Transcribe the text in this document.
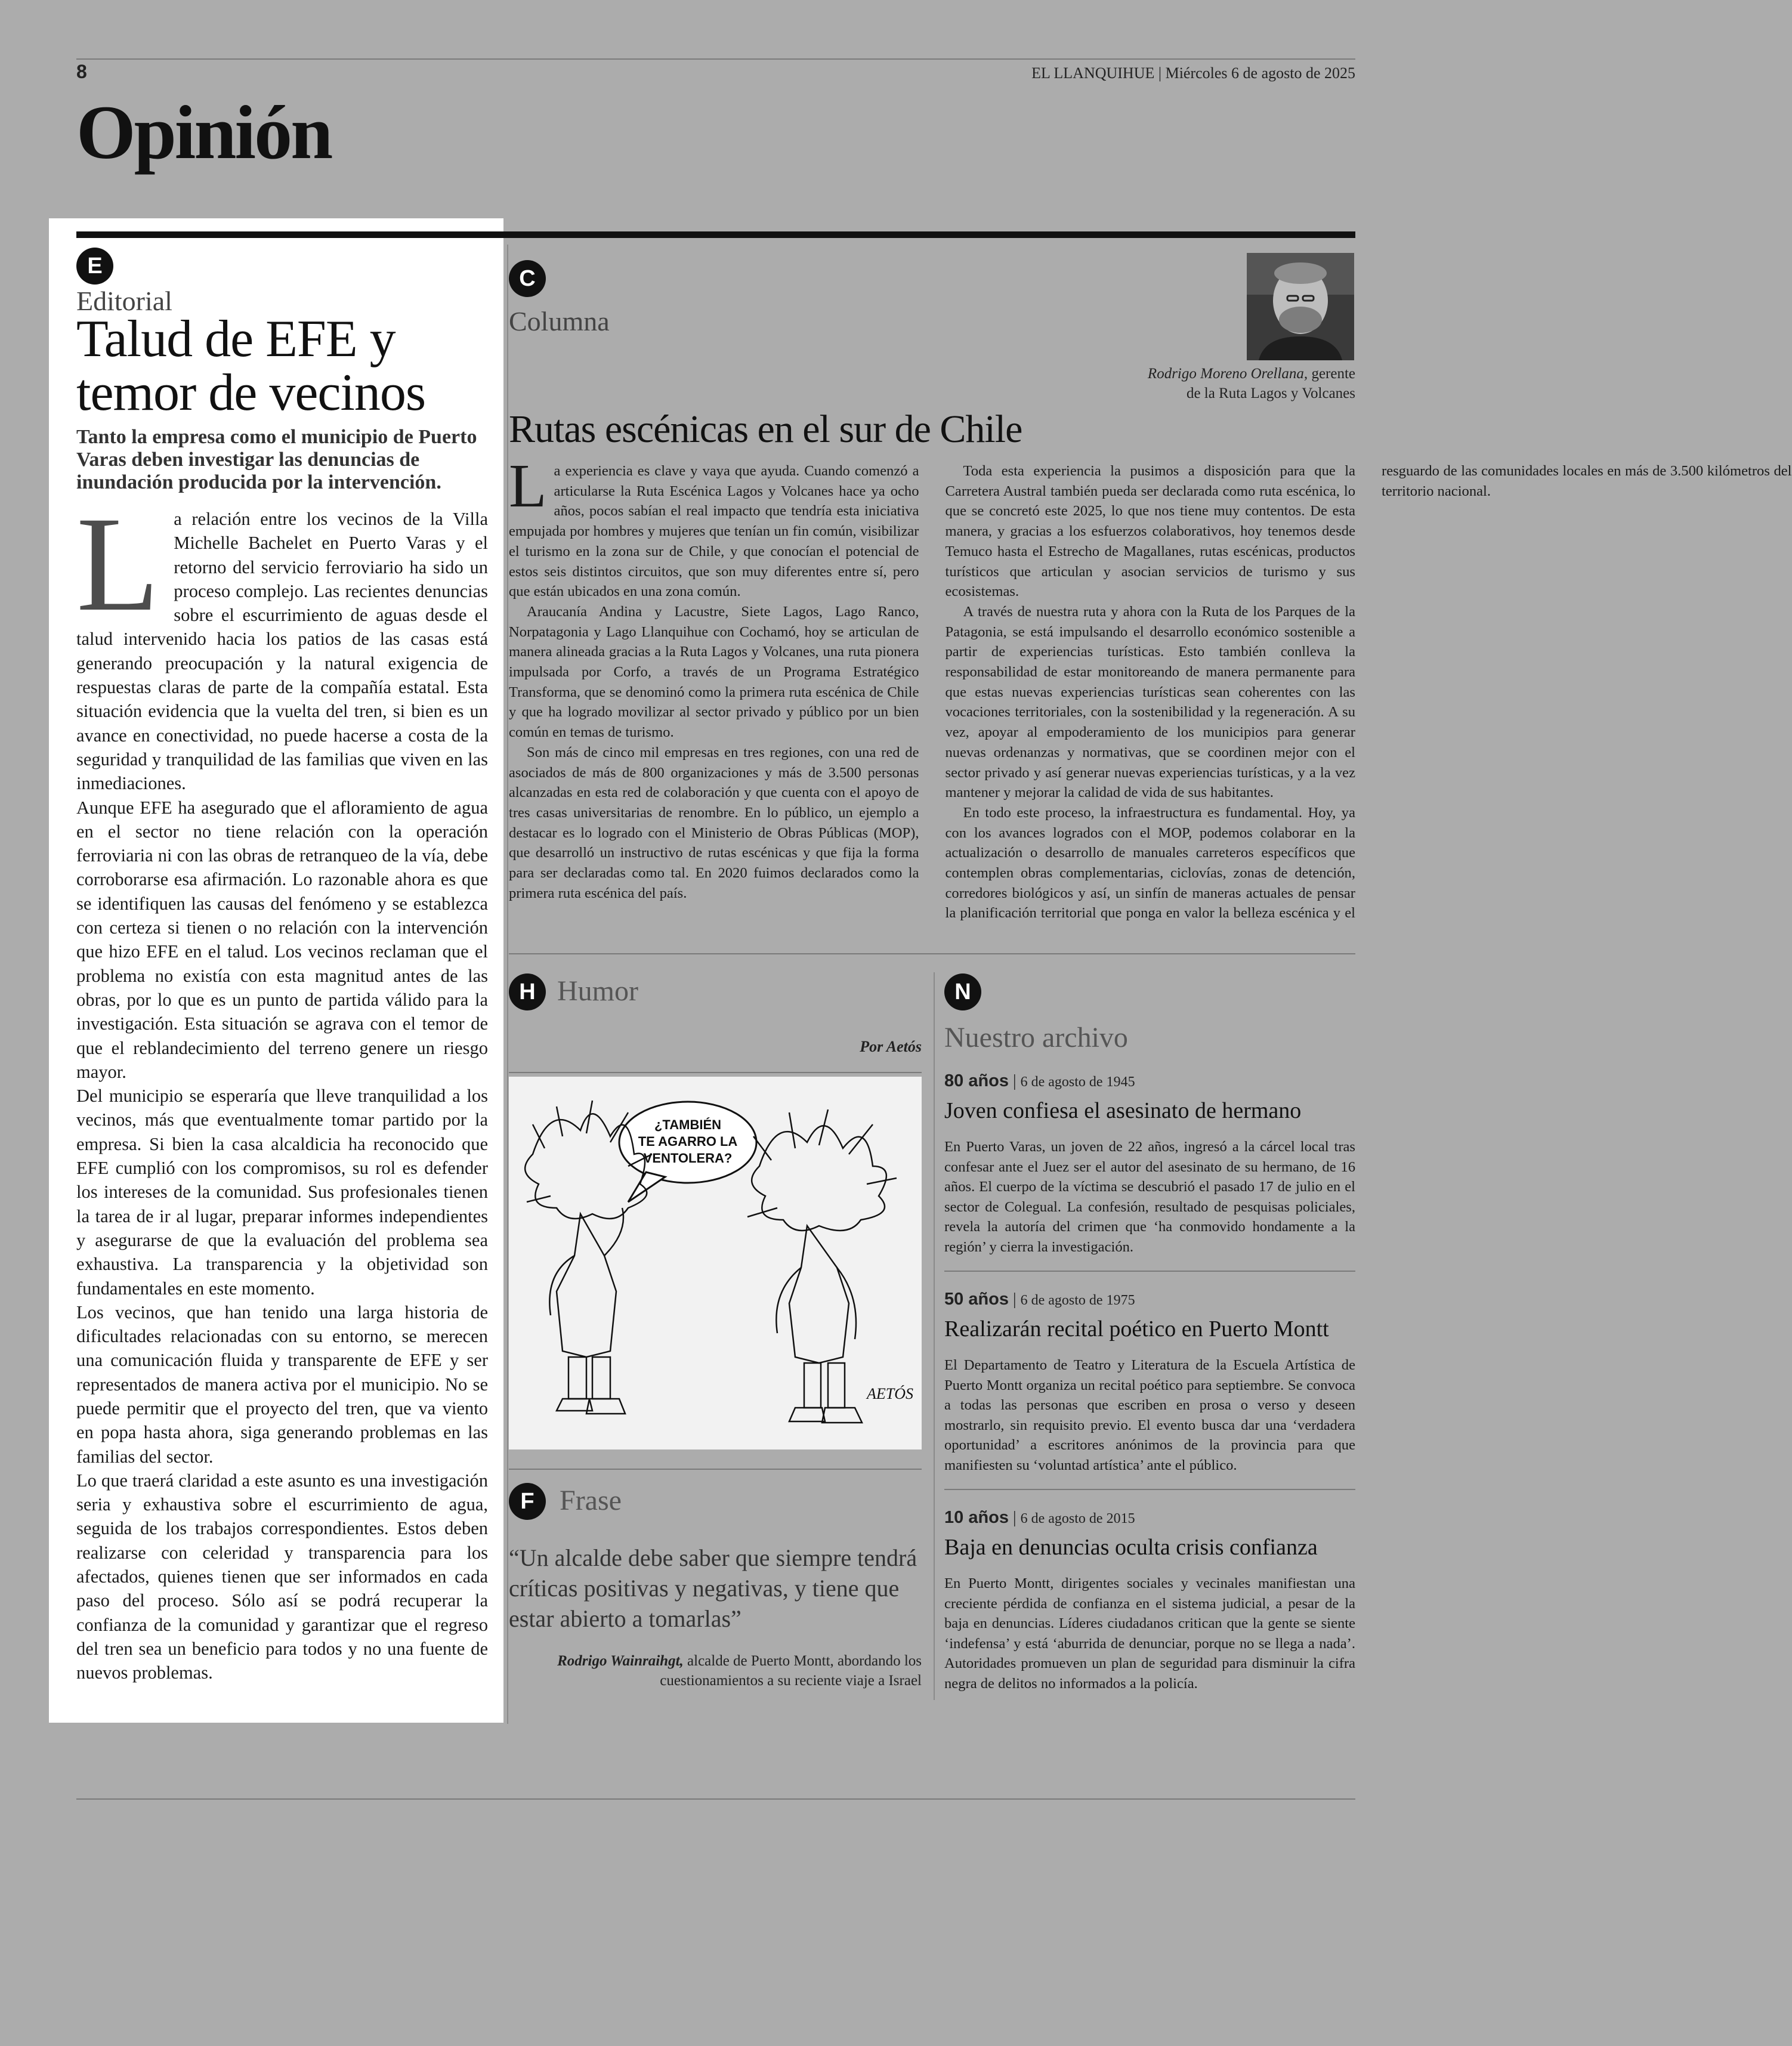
8	EL LLANQUIHUE | Miércoles 6 de agosto de 2025
Opinión
E
Editorial
Talud de EFE y
temor de vecinos
Tanto la empresa como el municipio de Puerto Varas deben investigar las denuncias de inundación producida por la intervención.
L a relación entre los vecinos de la Villa Michelle Bachelet en Puerto Varas y el retorno del servicio ferroviario ha sido un proceso complejo. Las recientes denuncias sobre el escurrimiento de aguas desde el talud intervenido hacia los patios de las casas está generando preocupación y la natural exigencia de respuestas claras de parte de la compañía estatal. Esta situación evidencia que la vuelta del tren, si bien es un avance en conectividad, no puede hacerse a costa de la seguridad y tranquilidad de las familias que viven en las inmediaciones.

Aunque EFE ha asegurado que el afloramiento de agua en el sector no tiene relación con la operación ferroviaria ni con las obras de retranqueo de la vía, debe corroborarse esa afirmación. Lo razonable ahora es que se identifiquen las causas del fenómeno y se establezca con certeza si tienen o no relación con la intervención que hizo EFE en el talud. Los vecinos reclaman que el problema no existía con esta magnitud antes de las obras, por lo que es un punto de partida válido para la investigación. Esta situación se agrava con el temor de que el reblandecimiento del terreno genere un riesgo mayor.

Del municipio se esperaría que lleve tranquilidad a los vecinos, más que eventualmente tomar partido por la empresa. Si bien la casa alcaldicia ha reconocido que EFE cumplió con los compromisos, su rol es defender los intereses de la comunidad. Sus profesionales tienen la tarea de ir al lugar, preparar informes independientes y asegurarse de que la evaluación del problema sea exhaustiva. La transparencia y la objetividad son fundamentales en este momento.

Los vecinos, que han tenido una larga historia de dificultades relacionadas con su entorno, se merecen una comunicación fluida y transparente de EFE y ser representados de manera activa por el municipio. No se puede permitir que el proyecto del tren, que va viento en popa hasta ahora, siga generando problemas en las familias del sector.

Lo que traerá claridad a este asunto es una investigación seria y exhaustiva sobre el escurrimiento de agua, seguida de los trabajos correspondientes. Estos deben realizarse con celeridad y transparencia para los afectados, quienes tienen que ser informados en cada paso del proceso. Sólo así se podrá recuperar la confianza de la comunidad y garantizar que el regreso del tren sea un beneficio para todos y no una fuente de nuevos problemas.

C
Columna
Rodrigo Moreno Orellana, gerente
de la Ruta Lagos y Volcanes
Rutas escénicas en el sur de Chile
L a experiencia es clave y vaya que ayuda. Cuando comenzó a articularse la Ruta Escénica Lagos y Volcanes hace ya ocho años, pocos sabían el real impacto que tendría esta iniciativa empujada por hombres y mujeres que tenían un fin común, visibilizar el turismo en la zona sur de Chile, y que conocían el potencial de estos seis distintos circuitos, que son muy diferentes entre sí, pero que están ubicados en una zona común.

Araucanía Andina y Lacustre, Siete Lagos, Lago Ranco, Norpatagonia y Lago Llanquihue con Cochamó, hoy se articulan de manera alineada gracias a la Ruta Lagos y Volcanes, una ruta pionera impulsada por Corfo, a través de un Programa Estratégico Transforma, que se denominó como la primera ruta escénica de Chile y que ha logrado movilizar al sector privado y público por un bien común en temas de turismo.

Son más de cinco mil empresas en tres regiones, con una red de asociados de más de 800 organizaciones y más de 3.500 personas alcanzadas en esta red de colaboración y que cuenta con el apoyo de tres casas universitarias de renombre. En lo público, un ejemplo a destacar es lo logrado con el Ministerio de Obras Públicas (MOP), que desarrolló un instructivo de rutas escénicas y que fija la forma para ser declaradas como tal. En 2020 fuimos declarados como la primera ruta escénica del país.

Toda esta experiencia la pusimos a disposición para que la Carretera Austral también pueda ser declarada como ruta escénica, lo que se concretó este 2025, lo que nos tiene muy contentos. De esta manera, y gracias a los esfuerzos colaborativos, hoy tenemos desde Temuco hasta el Estrecho de Magallanes, rutas escénicas, productos turísticos que articulan y asocian servicios de turismo y sus ecosistemas.

A través de nuestra ruta y ahora con la Ruta de los Parques de la Patagonia, se está impulsando el desarrollo económico sostenible a partir de experiencias turísticas. Esto también conlleva la responsabilidad de estar monitoreando de manera permanente para que estas nuevas experiencias turísticas sean coherentes con las vocaciones territoriales, con la sostenibilidad y la regeneración. A su vez, apoyar al empoderamiento de los municipios para generar nuevas ordenanzas y normativas, que se coordinen mejor con el sector privado y así generar nuevas experiencias turísticas, y a la vez mantener y mejorar la calidad de vida de sus habitantes.

En todo este proceso, la infraestructura es fundamental. Hoy, ya con los avances logrados con el MOP, podemos colaborar en la actualización o desarrollo de manuales carreteros específicos que contemplen obras complementarias, ciclovías, zonas de detención, corredores biológicos y así, un sinfín de maneras actuales de pensar la planificación territorial que ponga en valor la belleza escénica y el resguardo de las comunidades locales en más de 3.500 kilómetros del territorio nacional.

H Humor
Por Aetós
¿TAMBIÉN
TE AGARRO LA
VENTOLERA?
AETÓS
F Frase
“Un alcalde debe saber que siempre tendrá críticas positivas y negativas, y tiene que estar abierto a tomarlas”
Rodrigo Wainraihgt, alcalde de Puerto Montt, abordando los cuestionamientos a su reciente viaje a Israel
N
Nuestro archivo
80 años | 6 de agosto de 1945
Joven confiesa el asesinato de hermano
En Puerto Varas, un joven de 22 años, ingresó a la cárcel local tras confesar ante el Juez ser el autor del asesinato de su hermano, de 16 años. El cuerpo de la víctima se descubrió el pasado 17 de julio en el sector de Colegual. La confesión, resultado de pesquisas policiales, revela la autoría del crimen que ‘ha conmovido hondamente a la región’ y cierra la investigación.
50 años | 6 de agosto de 1975
Realizarán recital poético en Puerto Montt
El Departamento de Teatro y Literatura de la Escuela Artística de Puerto Montt organiza un recital poético para septiembre. Se convoca a todas las personas que escriben en prosa o verso y deseen mostrarlo, sin requisito previo. El evento busca dar una ‘verdadera oportunidad’ a escritores anónimos de la provincia para que manifiesten su ‘voluntad artística’ ante el público.
10 años | 6 de agosto de 2015
Baja en denuncias oculta crisis confianza
En Puerto Montt, dirigentes sociales y vecinales manifiestan una creciente pérdida de confianza en el sistema judicial, a pesar de la baja en denuncias. Líderes ciudadanos critican que la gente se siente ‘indefensa’ y está ‘aburrida de denunciar, porque no se llega a nada’. Autoridades promueven un plan de seguridad para disminuir la cifra negra de delitos no informados a la policía.
